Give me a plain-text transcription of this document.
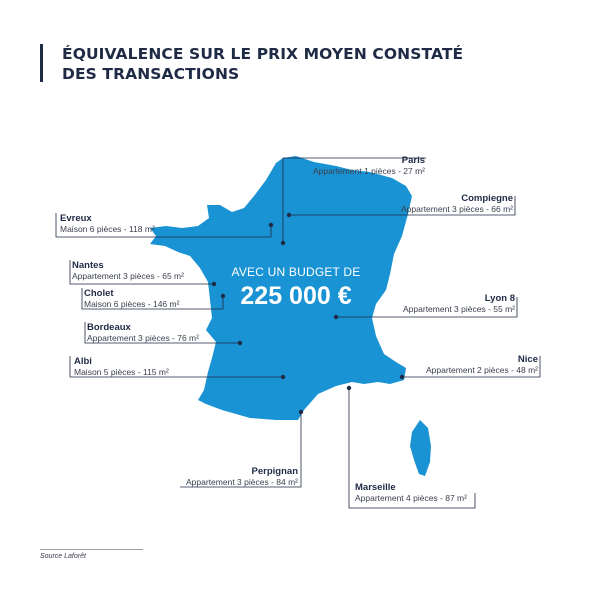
ÉQUIVALENCE SUR LE PRIX MOYEN CONSTATÉ
DES TRANSACTIONS
AVEC UN BUDGET DE
225 000 €
Paris
Appartement 1 pièces - 27 m²
Compiegne
Appartement 3 pièces - 66 m²
Evreux
Maison 6 pièces - 118 m²
Nantes
Appartement 3 pièces - 65 m²
Cholet
Maison 6 pièces - 146 m²	Lyon 8
Appartement 3 pièces - 55 m²
Bordeaux
Appartement 3 pièces - 76 m²
Albi
Maison 5 pièces - 115 m²
Nice
Appartement 2 pièces - 48 m²
Perpignan
Appartement 3 pièces - 84 m²	Marseille
Appartement 4 pièces - 87 m²
Source Laforêt
